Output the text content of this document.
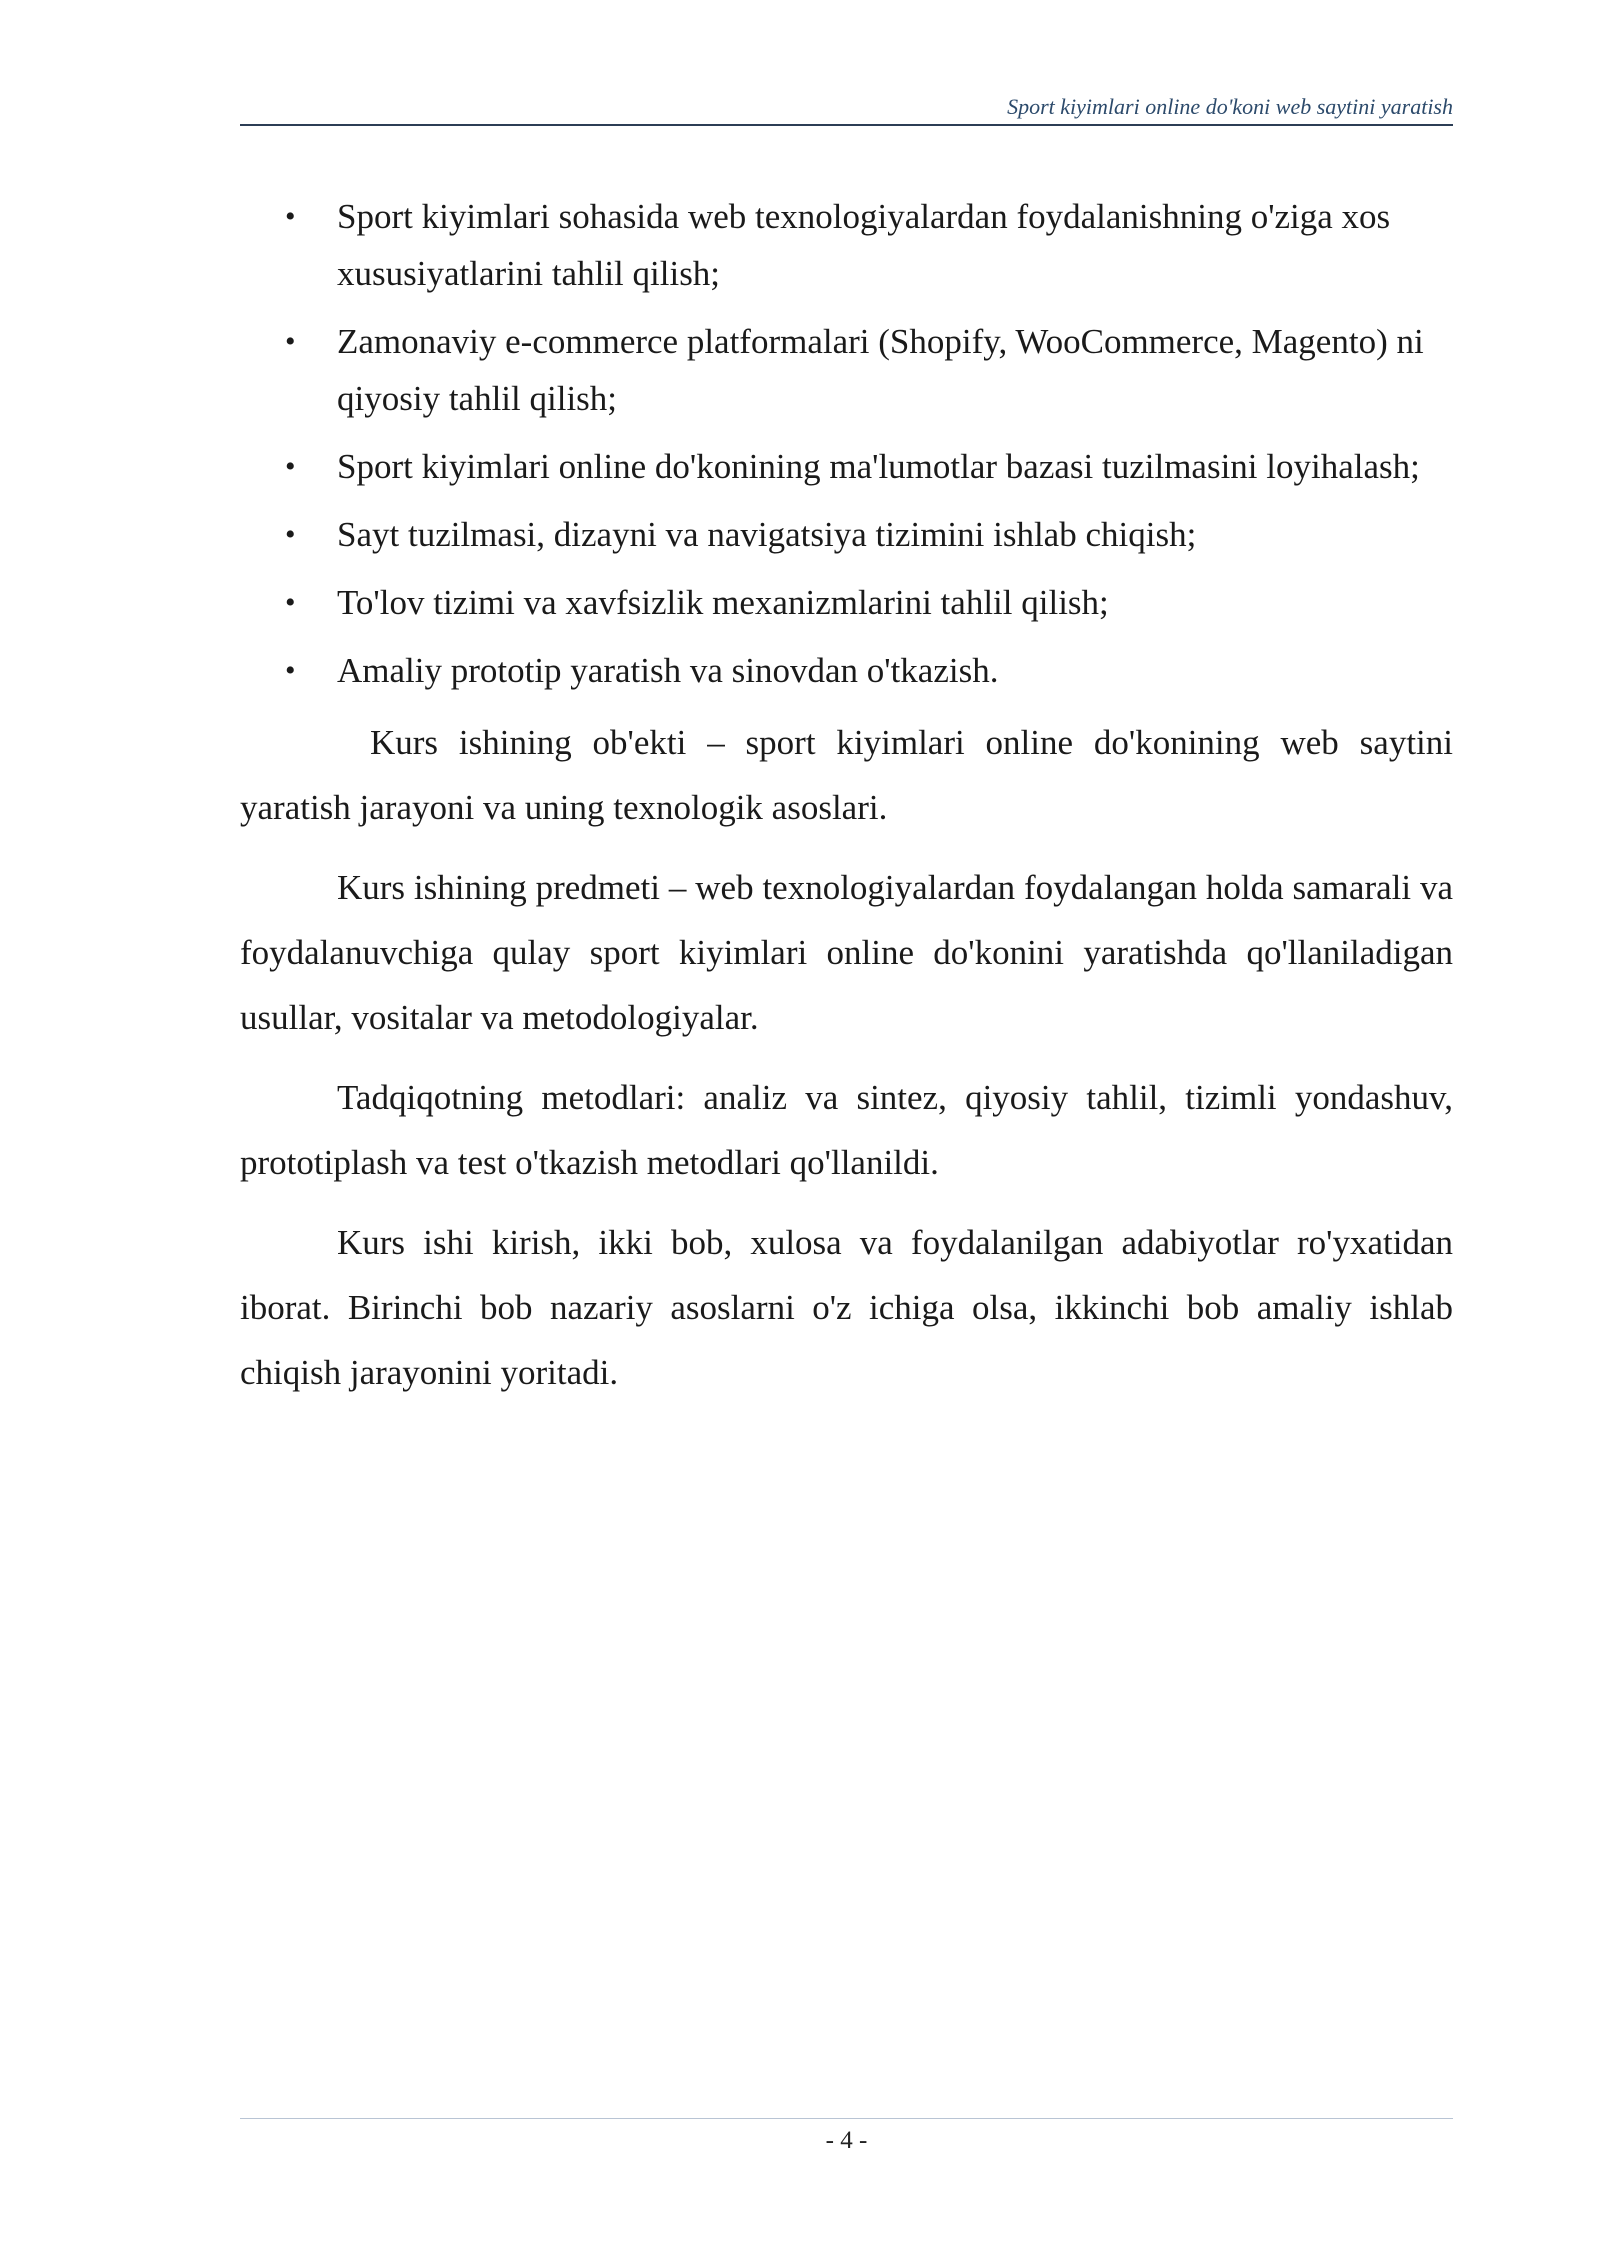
Sport kiyimlari online do'koni web saytini yaratish
• Sport kiyimlari sohasida web texnologiyalardan foydalanishning o'ziga xos xususiyatlarini tahlil qilish;
• Zamonaviy e-commerce platformalari (Shopify, WooCommerce, Magento) ni qiyosiy tahlil qilish;
• Sport kiyimlari online do'konining ma'lumotlar bazasi tuzilmasini loyihalash;
• Sayt tuzilmasi, dizayni va navigatsiya tizimini ishlab chiqish;
• To'lov tizimi va xavfsizlik mexanizmlarini tahlil qilish;
• Amaliy prototip yaratish va sinovdan o'tkazish.

Kurs ishining ob'ekti – sport kiyimlari online do'konining web saytini yaratish jarayoni va uning texnologik asoslari.

Kurs ishining predmeti – web texnologiyalardan foydalangan holda samarali va foydalanuvchiga qulay sport kiyimlari online do'konini yaratishda qo'llaniladigan usullar, vositalar va metodologiyalar.

Tadqiqotning metodlari: analiz va sintez, qiyosiy tahlil, tizimli yondashuv, prototiplash va test o'tkazish metodlari qo'llanildi.

Kurs ishi kirish, ikki bob, xulosa va foydalanilgan adabiyotlar ro'yxatidan iborat. Birinchi bob nazariy asoslarni o'z ichiga olsa, ikkinchi bob amaliy ishlab chiqish jarayonini yoritadi.

- 4 -
